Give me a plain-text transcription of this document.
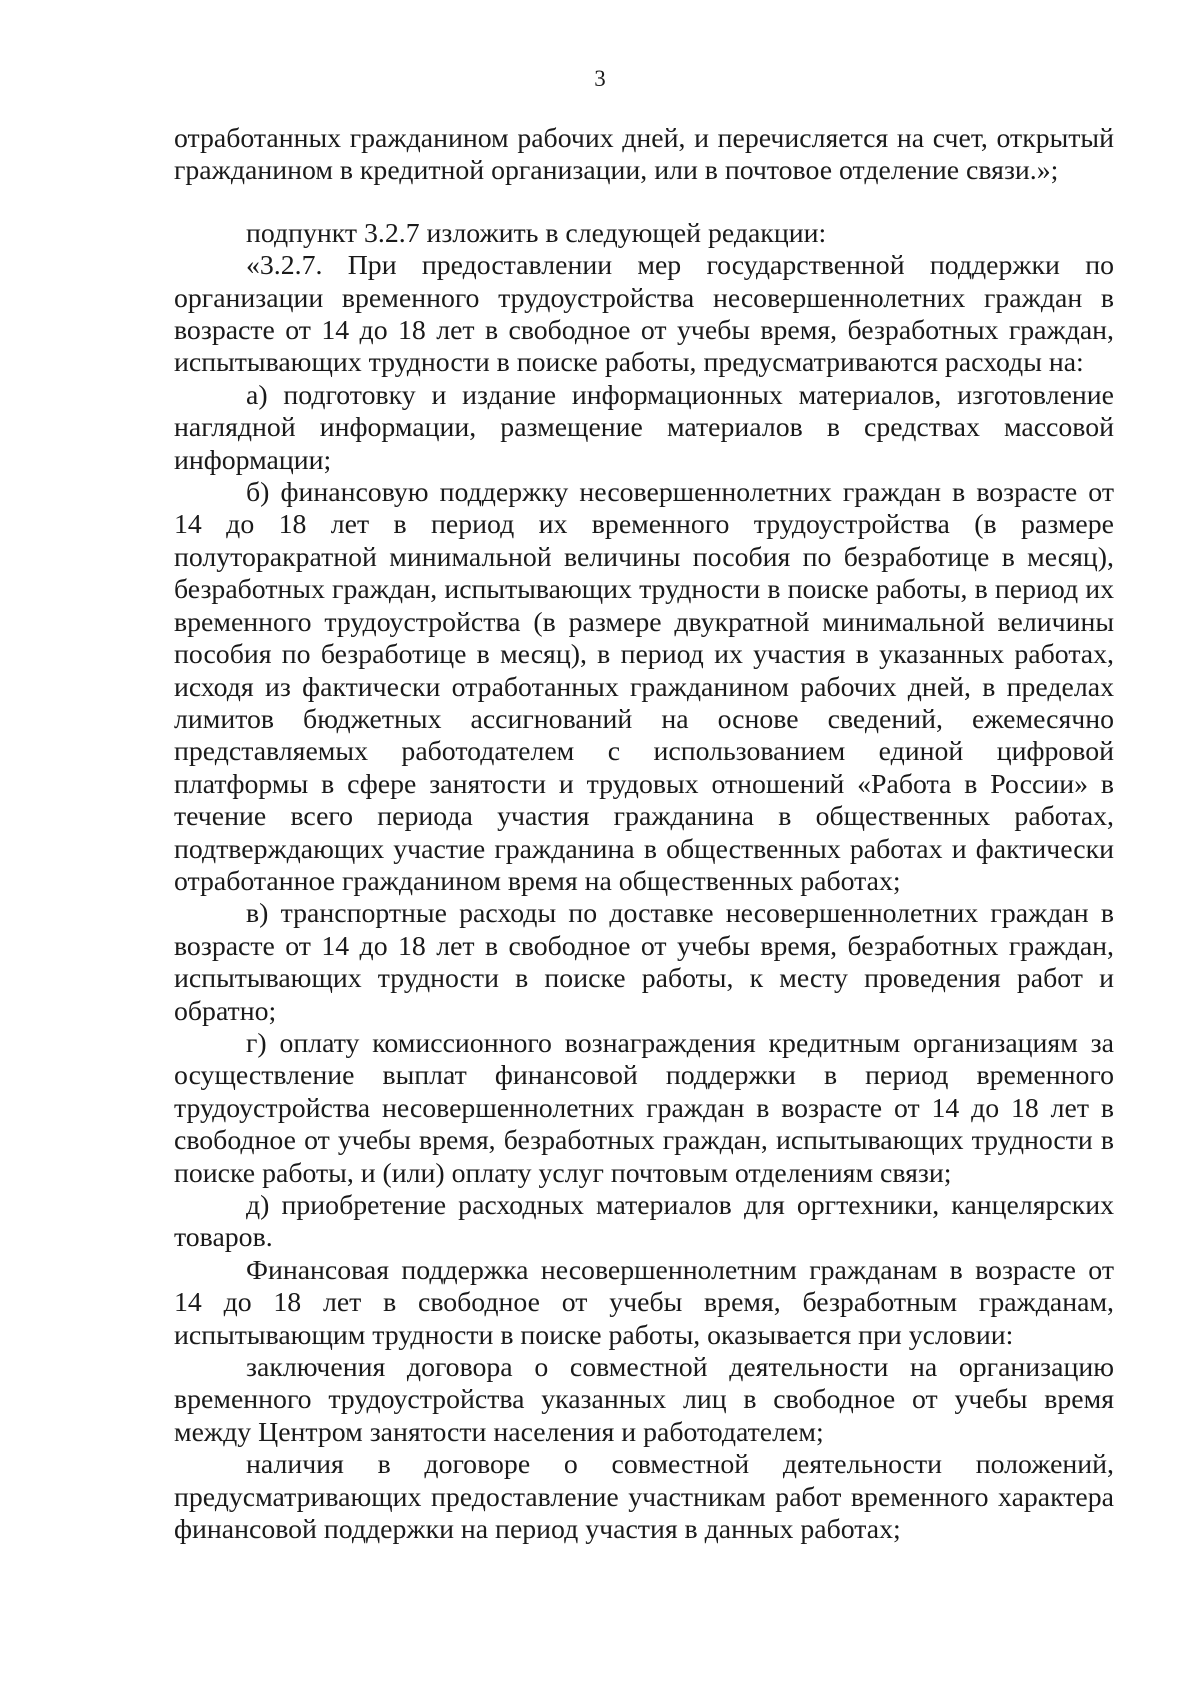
3

отработанных гражданином рабочих дней, и перечисляется на счет, открытый гражданином в кредитной организации, или в почтовое отделение связи.»;

подпункт 3.2.7 изложить в следующей редакции:

«3.2.7. При предоставлении мер государственной поддержки по организации временного трудоустройства несовершеннолетних граждан в возрасте от 14 до 18 лет в свободное от учебы время, безработных граждан, испытывающих трудности в поиске работы, предусматриваются расходы на:

а) подготовку и издание информационных материалов, изготовление наглядной информации, размещение материалов в средствах массовой информации;

б) финансовую поддержку несовершеннолетних граждан в возрасте от 14 до 18 лет в период их временного трудоустройства (в размере полуторакратной минимальной величины пособия по безработице в месяц), безработных граждан, испытывающих трудности в поиске работы, в период их временного трудоустройства (в размере двукратной минимальной величины пособия по безработице в месяц), в период их участия в указанных работах, исходя из фактически отработанных гражданином рабочих дней, в пределах лимитов бюджетных ассигнований на основе сведений, ежемесячно представляемых работодателем с использованием единой цифровой платформы в сфере занятости и трудовых отношений «Работа в России» в течение всего периода участия гражданина в общественных работах, подтверждающих участие гражданина в общественных работах и фактически отработанное гражданином время на общественных работах;

в) транспортные расходы по доставке несовершеннолетних граждан в возрасте от 14 до 18 лет в свободное от учебы время, безработных граждан, испытывающих трудности в поиске работы, к месту проведения работ и обратно;

г) оплату комиссионного вознаграждения кредитным организациям за осуществление выплат финансовой поддержки в период временного трудоустройства несовершеннолетних граждан в возрасте от 14 до 18 лет в свободное от учебы время, безработных граждан, испытывающих трудности в поиске работы, и (или) оплату услуг почтовым отделениям связи;

д) приобретение расходных материалов для оргтехники, канцелярских товаров.

Финансовая поддержка несовершеннолетним гражданам в возрасте от 14 до 18 лет в свободное от учебы время, безработным гражданам, испытывающим трудности в поиске работы, оказывается при условии:

заключения договора о совместной деятельности на организацию временного трудоустройства указанных лиц в свободное от учебы время между Центром занятости населения и работодателем;

наличия в договоре о совместной деятельности положений, предусматривающих предоставление участникам работ временного характера финансовой поддержки на период участия в данных работах;
